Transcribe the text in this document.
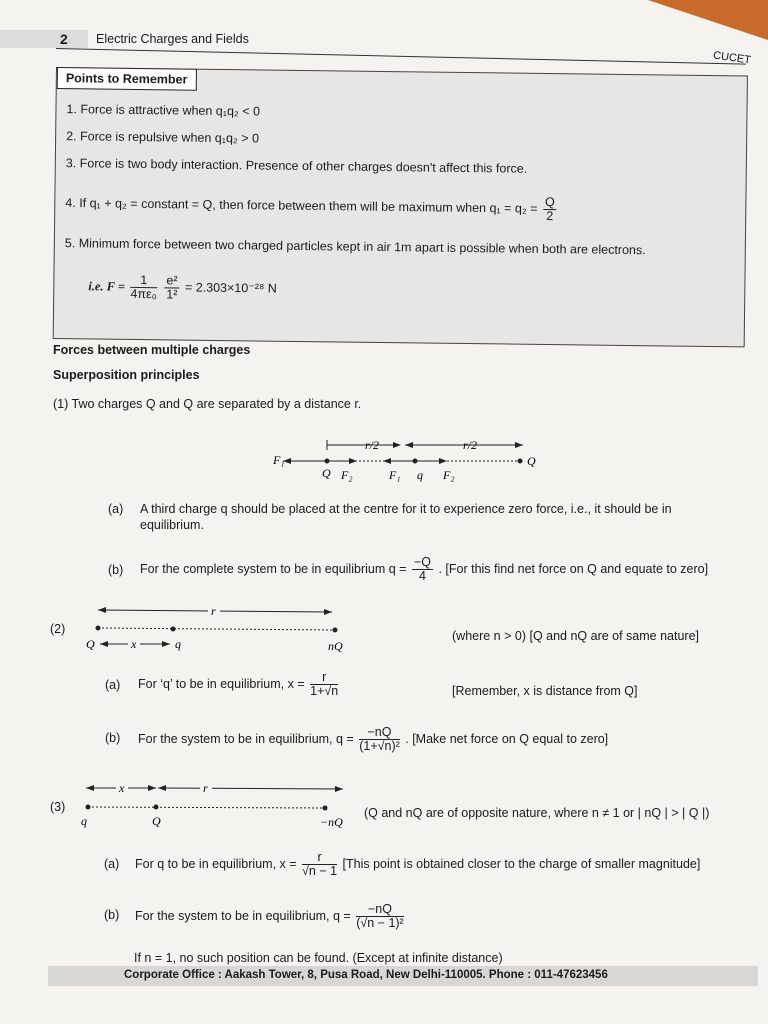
2 Electric Charges and Fields
CUCET
Points to Remember
1. Force is attractive when q₁q₂ < 0
2. Force is repulsive when q₁q₂ > 0
3. Force is two body interaction. Presence of other charges doesn't affect this force.
4. If q₁ + q₂ = constant = Q, then force between them will be maximum when $q_1 = q_2 = \frac{Q}{2}$
5. Minimum force between two charged particles kept in air 1m apart is possible when both are electrons.
i.e. $F = \frac{1}{\text{4πε₀}}$
$\frac{\text{e²}}{\text{1²}} = 2.303\times 10^{-28}$ N
Forces between multiple charges
Superposition principles
(1) Two charges Q and Q are separated by a distance r.
r/2	r/2
F₁
Q F₂	F₁ q F₂
Q
(a) A third charge q should be placed at the centre for it to experience zero force, i.e., it should be in
equilibrium.
(b) For the complete system to be in equilibrium $q = \frac{-Q}{4}$ . [For this find net force on Q and equate to zero]
(2)
r
Q	x	q	nQ
(where n > 0) [Q and nQ are of same nature]
(a) For ‘q’ to be in equilibrium, $x = \frac{r}{1+√n}$	[Remember, x is distance from Q]
(b) For the system to be in equilibrium, $q = \frac{-nQ}{\text{(1+√n)²}}$ . [Make net force on Q equal to zero]
(3)
x	r
q	Q	−nQ
(Q and nQ are of opposite nature, where n ≠ 1 or | nQ | > | Q |)
(a) For q to be in equilibrium, $x = \frac{r}{√n - 1}$ [This point is obtained closer to the charge of smaller magnitude]
(b) For the system to be in equilibrium, $q = \frac{-nQ}{\text{(√n − 1)²}}$
If n = 1, no such position can be found. (Except at infinite distance)
Corporate Office : Aakash Tower, 8, Pusa Road, New Delhi-110005. Phone : 011-47623456
